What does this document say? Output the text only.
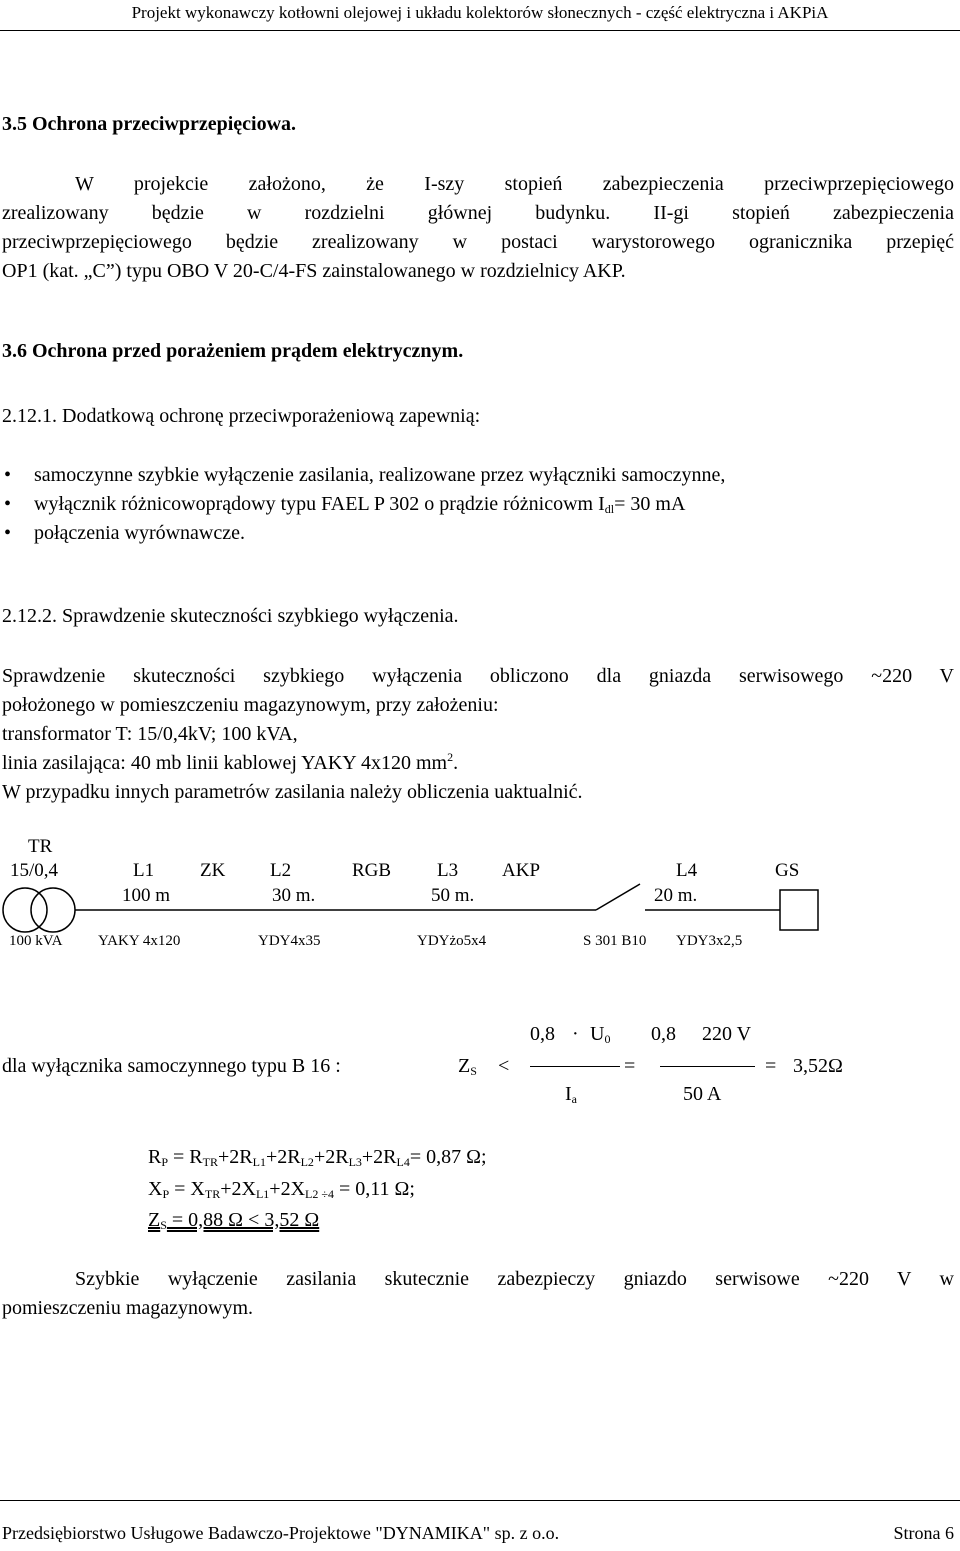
Projekt wykonawczy kotłowni olejowej i układu kolektorów słonecznych - część elektryczna i AKPiA
3.5 Ochrona przeciwprzepięciowa.
W projekcie założono, że I-szy stopień zabezpieczenia przeciwprzepięciowego
zrealizowany będzie w rozdzielni głównej budynku. II-gi stopień zabezpieczenia
przeciwprzepięciowego będzie zrealizowany w postaci warystorowego ogranicznika przepięć
OP1 (kat. „C”) typu OBO V 20-C/4-FS zainstalowanego w rozdzielnicy AKP.
3.6 Ochrona przed porażeniem prądem elektrycznym.
2.12.1. Dodatkową ochronę przeciwporażeniową zapewnią:
• samoczynne szybkie wyłączenie zasilania, realizowane przez wyłączniki samoczynne,
• wyłącznik różnicowoprądowy typu FAEL P 302 o prądzie różnicowm $I_{dl}= 30$ mA
• połączenia wyrównawcze.
2.12.2. Sprawdzenie skuteczności szybkiego wyłączenia.
Sprawdzenie skuteczności szybkiego wyłączenia obliczono dla gniazda serwisowego ~220 V
położonego w pomieszczeniu magazynowym, przy założeniu:
transformator T: 15/0,4kV; 100 kVA,
linia zasilająca: 40 mb linii kablowej YAKY 4x120 $mm^2$.
W przypadku innych parametrów zasilania należy obliczenia uaktualnić.
TR
15/0,4	L1 ZK L2	RGB L3 AKP	L4	GS
100 m	30 m.	50 m.	20 m.
100 kVA YAKY 4x120	YDY4x35	YDYżo5x4	S 301 B10 YDY3x2,5
dla wyłącznika samoczynnego typu B 16 :	$Z_S$ <
$0,8 \cdot U_0$
$I_a$
=
0,8 220 V
50 A
= 3,52Ω
$R_P = R_{TR}+2R_{L1}+2R_{L2}+2R_{L3}+2R_{L4}= 0,87$ Ω;
$X_P = X_{TR}+2X_{L1}+2X_{L2 \div 4} = 0,11$ Ω;
$Z_S = 0,88$ Ω < 3,52 Ω
Szybkie wyłączenie zasilania skutecznie zabezpieczy gniazdo serwisowe ~220 V w
pomieszczeniu magazynowym.
Przedsiębiorstwo Usługowe Badawczo-Projektowe "DYNAMIKA" sp. z o.o.	Strona 6
